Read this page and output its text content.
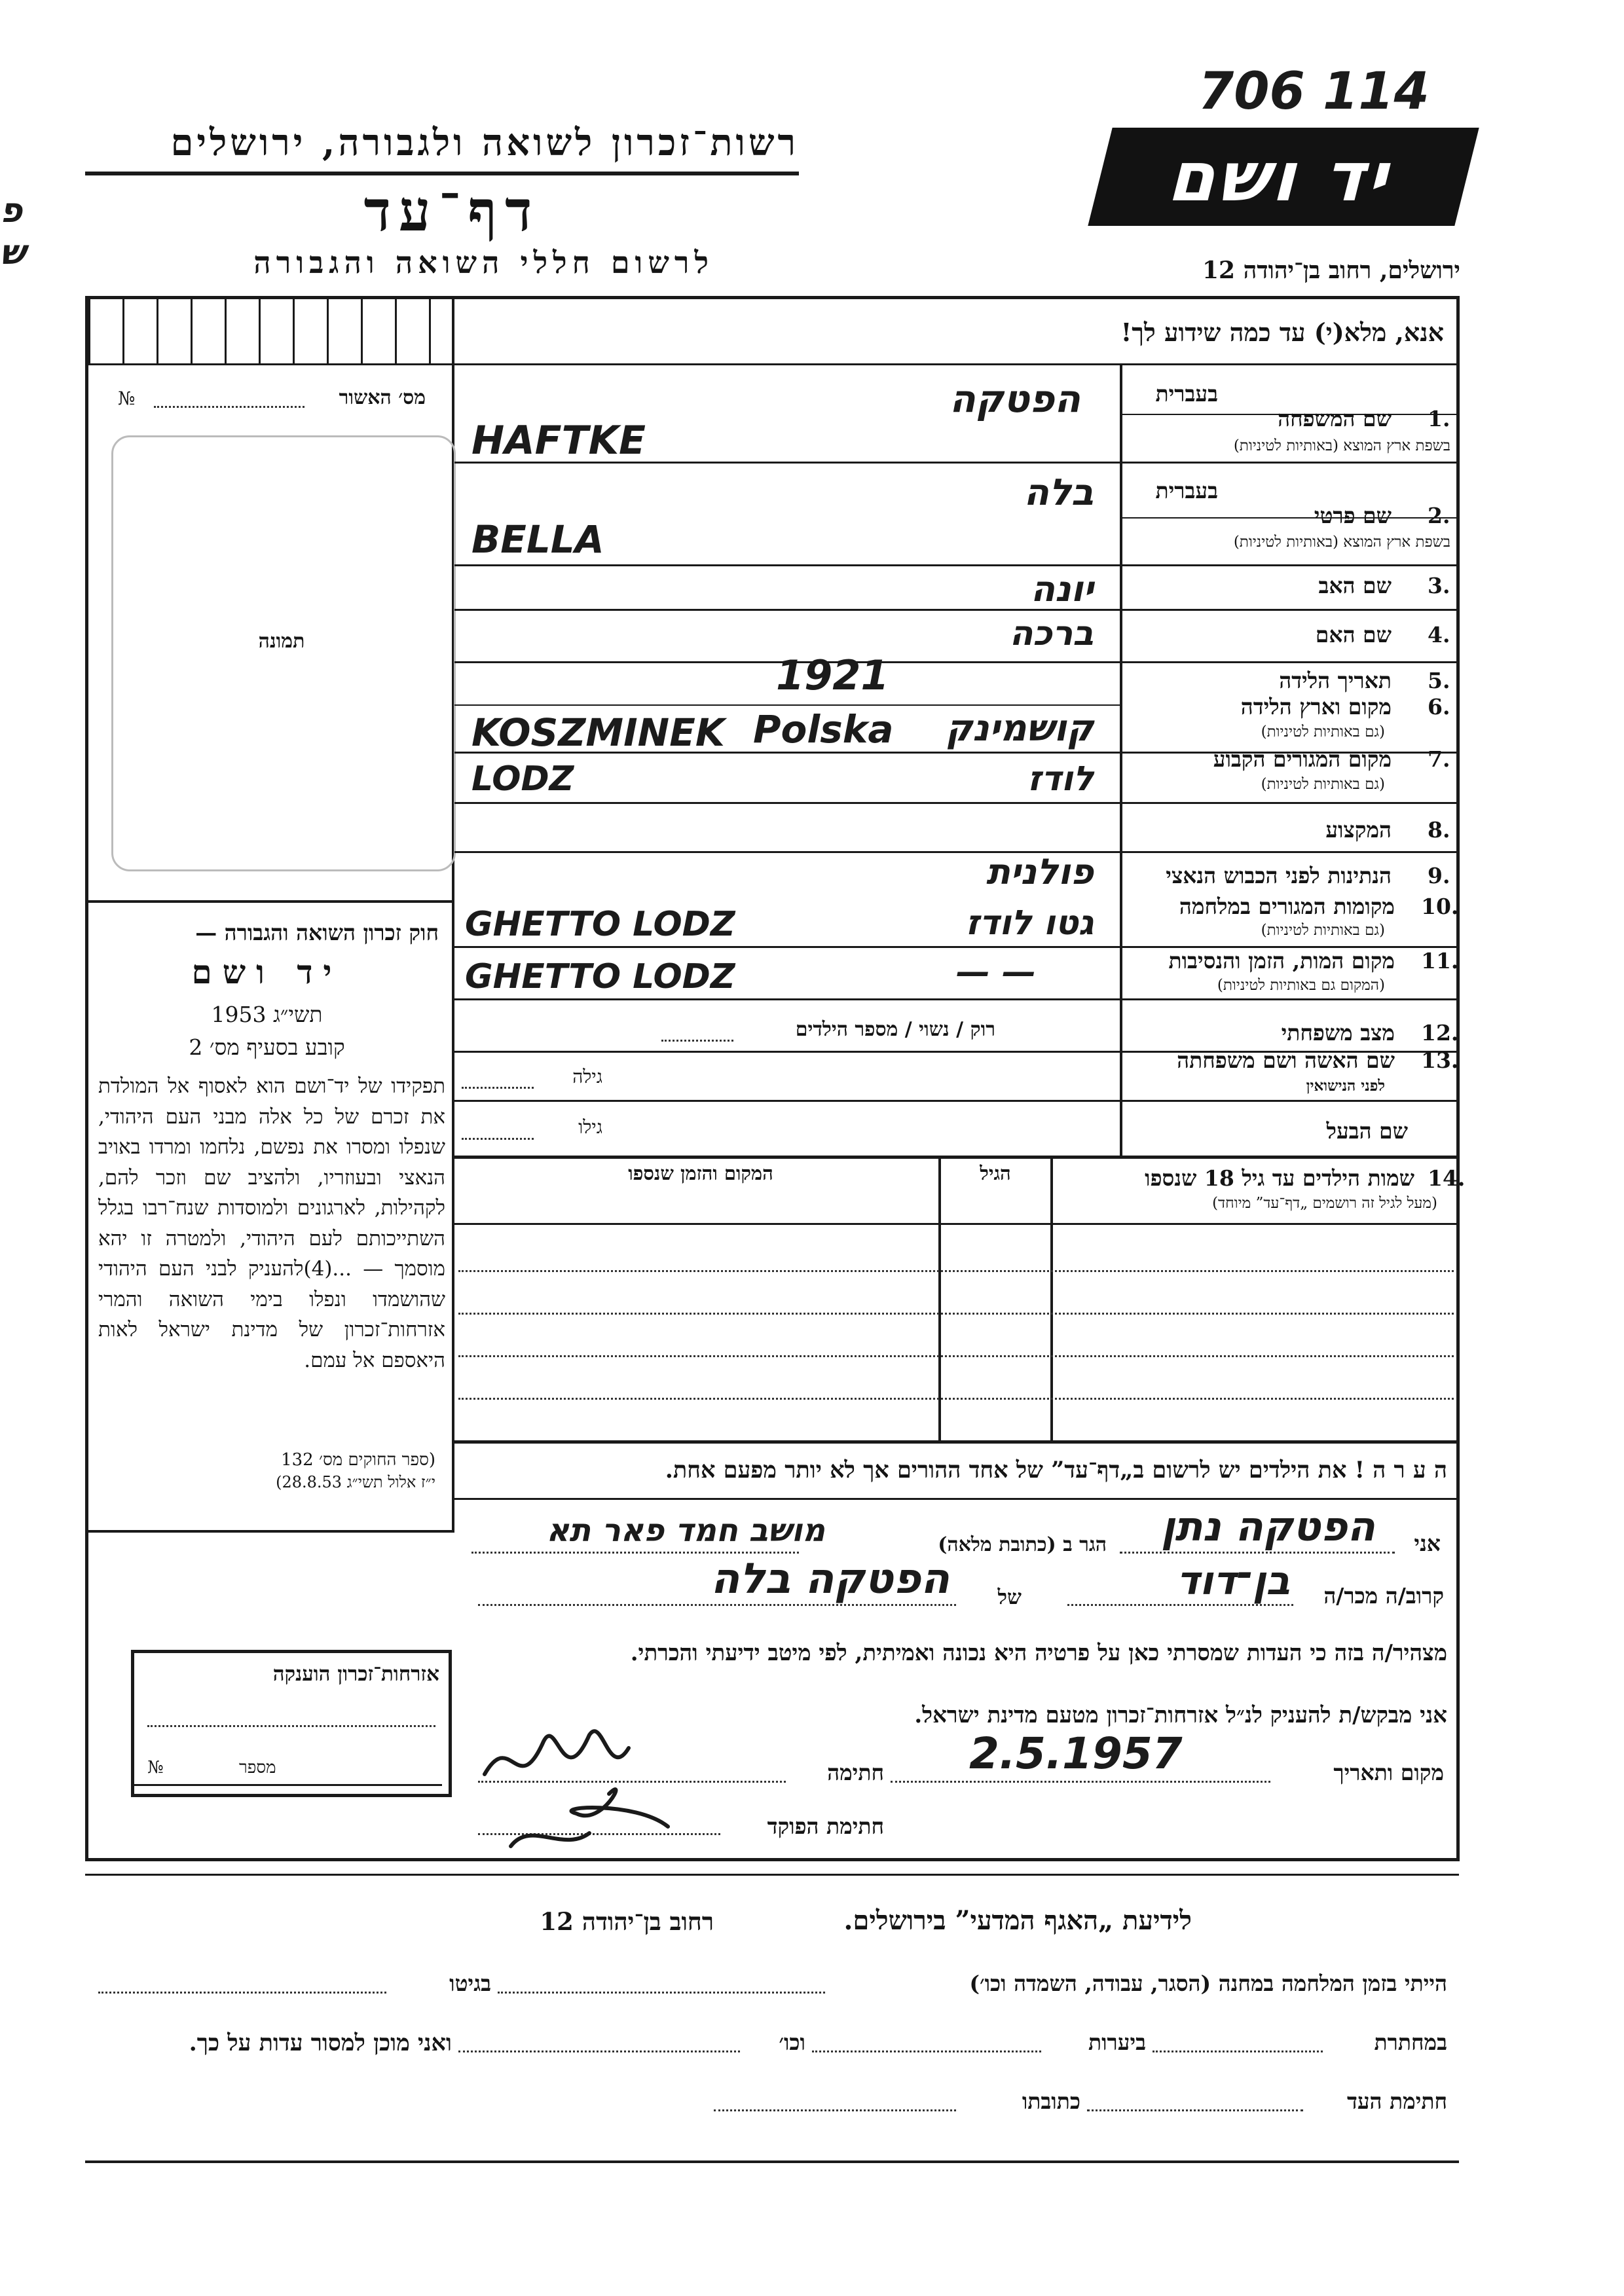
706 114
רשות־זכרון לשואה ולגבורה, ירושלים
דף־עד
לרשום חללי השואה והגבורה
יד ושם
ירושלים, רחוב בן־יהודה 12
פ ש
אנא, מלא(י) עד כמה שידוע לך!
מס׳ האשור
№
תמונה
חוק זכרון השואה והגבורה —
יד ושם
תשי״ג 1953
קובע בסעיף מס׳ 2
תפקידו של יד־ושם הוא לאסוף אל המולדת את זכרם של כל אלה מבני העם היהודי, שנפלו ומסרו את נפשם, נלחמו ומרדו באויב הנאצי ובעוזריו, ולהציב שם וזכר להם, לקהילות, לארגונים ולמוסדות שנח־רבו בגלל השתייכותם לעם היהודי, ולמטרה זו יהא מוסמך — ...(4)להעניק לבני העם היהודי שהושמדו ונפלו בימי השואה והמרי אזרחות־זכרון של מדינת ישראל לאות היאספם אל עמם.
(ספר החוקים מס׳ 132
י״ז אלול תשי״ג 28.8.53)
אזרחות־זכרון הוענקה
מספר
№
בעברית
שם המשפחה 1.
בשפת ארץ המוצא (באותיות לטיניות)
הפטקה
HAFTKE
בעברית
שם פרטי 2.
בשפת ארץ המוצא (באותיות לטיניות)
בלה
BELLA
שם האב 3.
יונה
שם האם 4.
ברכה
תאריך הלידה 5.
1921
מקום וארץ הלידה 6.
(גם באותיות לטיניות)
KOSZMINEK Polska קושמינק
מקום המגורים הקבוע 7.
(גם באותיות לטיניות)
LODZ	לודז
המקצוע 8.
הנתינות לפני הכבוש הנאצי 9.
פולנית
מקומות המגורים במלחמה 10.
(גם באותיות לטיניות)
GHETTO LODZ	גטו לודז
מקום המות, הזמן והנסיבות 11.
(המקום גם באותיות לטיניות)
GHETTO LODZ	— —
מצב משפחתי 12.
רוק / נשוי / מספר הילדים
שם האשה ושם משפחתה 13.
לפני הנישואין
גילה
שם הבעל
גילו
שמות הילדים עד גיל 18 שנספו 14.
(מעל לגיל זה רושמים „דף־עד” מיוחד)
הגיל
המקום והזמן שנספו
ה ע ר ה ! את הילדים יש לרשום ב„דף־עד” של אחד ההורים אך לא יותר מפעם אחת.
אני
הפטקה נתן
הגר ב (כתובת מלאה)
מושב חמד פאר תא
קרוב/ה מכר/ה
בן־דוד
של
הפטקה בלה
מצהיר/ה בזה כי העדות שמסרתי כאן על פרטיה היא נכונה ואמיתית, לפי מיטב ידיעתי והכרתי.
אני מבקש/ת להעניק לנ״ל אזרחות־זכרון מטעם מדינת ישראל.
מקום ותאריך
2.5.1957
חתימה
חתימת הפוקד
לידיעת „האגף המדעי” בירושלים.
רחוב בן־יהודה 12
הייתי בזמן המלחמה במחנה (הסגר, עבודה, השמדה וכו׳)
בגיטו
במחתרת
ביערות
וכו׳
ואני מוכן למסור עדות על כך.
חתימת העד
כתובתו
